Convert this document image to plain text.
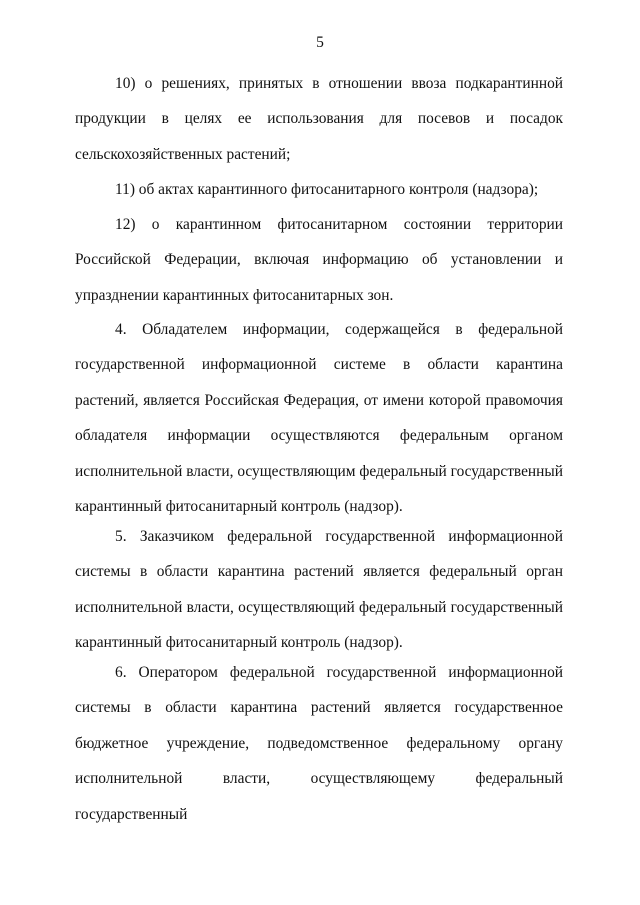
5

10) о решениях, принятых в отношении ввоза подкарантинной продукции в целях ее использования для посевов и посадок сельскохозяйственных растений;

11) об актах карантинного фитосанитарного контроля (надзора);

12) о карантинном фитосанитарном состоянии территории Российской Федерации, включая информацию об установлении и упразднении карантинных фитосанитарных зон.

4. Обладателем информации, содержащейся в федеральной государственной информационной системе в области карантина растений, является Российская Федерация, от имени которой правомочия обладателя информации осуществляются федеральным органом исполнительной власти, осуществляющим федеральный государственный карантинный фитосанитарный контроль (надзор).

5. Заказчиком федеральной государственной информационной системы в области карантина растений является федеральный орган исполнительной власти, осуществляющий федеральный государственный карантинный фитосанитарный контроль (надзор).

6. Оператором федеральной государственной информационной системы в области карантина растений является государственное бюджетное учреждение, подведомственное федеральному органу исполнительной власти, осуществляющему федеральный государственный
